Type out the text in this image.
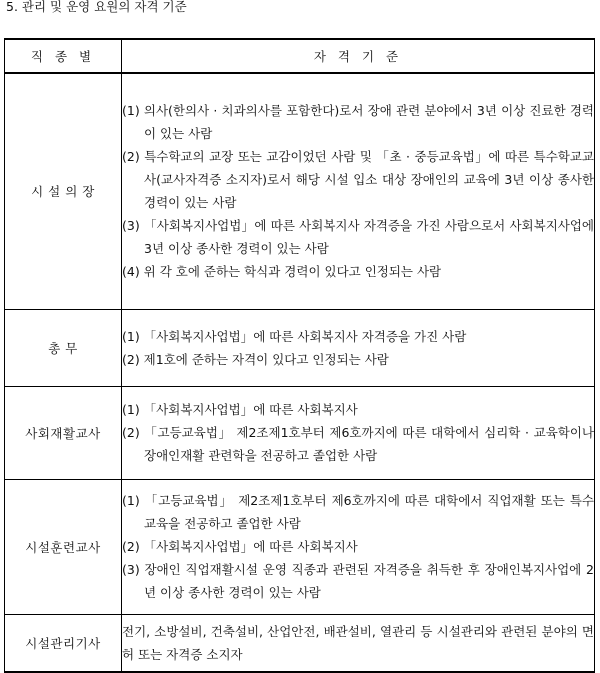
5. 관리 및 운영 요원의 자격 기준
직 종 별	자 격 기 준
시 설 의 장	(1) 의사(한의사 · 치과의사를 포함한다)로서 장애 관련 분야에서 3년 이상 진료한 경력이 있는 사람

(2) 특수학교의 교장 또는 교감이었던 사람 및 「초 · 중등교육법」에 따른 특수학교교사(교사자격증 소지자)로서 해당 시설 입소 대상 장애인의 교육에 3년 이상 종사한 경력이 있는 사람

(3) 「사회복지사업법」에 따른 사회복지사 자격증을 가진 사람으로서 사회복지사업에 3년 이상 종사한 경력이 있는 사람

(4) 위 각 호에 준하는 학식과 경력이 있다고 인정되는 사람

총 무	(1) 「사회복지사업법」에 따른 사회복지사 자격증을 가진 사람

(2) 제1호에 준하는 자격이 있다고 인정되는 사람

사회재활교사	(1) 「사회복지사업법」에 따른 사회복지사

(2) 「고등교육법」 제2조제1호부터 제6호까지에 따른 대학에서 심리학 · 교육학이나 장애인재활 관련학을 전공하고 졸업한 사람

시설훈련교사	(1) 「고등교육법」 제2조제1호부터 제6호까지에 따른 대학에서 직업재활 또는 특수교육을 전공하고 졸업한 사람

(2) 「사회복지사업법」에 따른 사회복지사

(3) 장애인 직업재활시설 운영 직종과 관련된 자격증을 취득한 후 장애인복지사업에 2년 이상 종사한 경력이 있는 사람

시설관리기사	전기, 소방설비, 건축설비, 산업안전, 배관설비, 열관리 등 시설관리와 관련된 분야의 면허 또는 자격증 소지자
